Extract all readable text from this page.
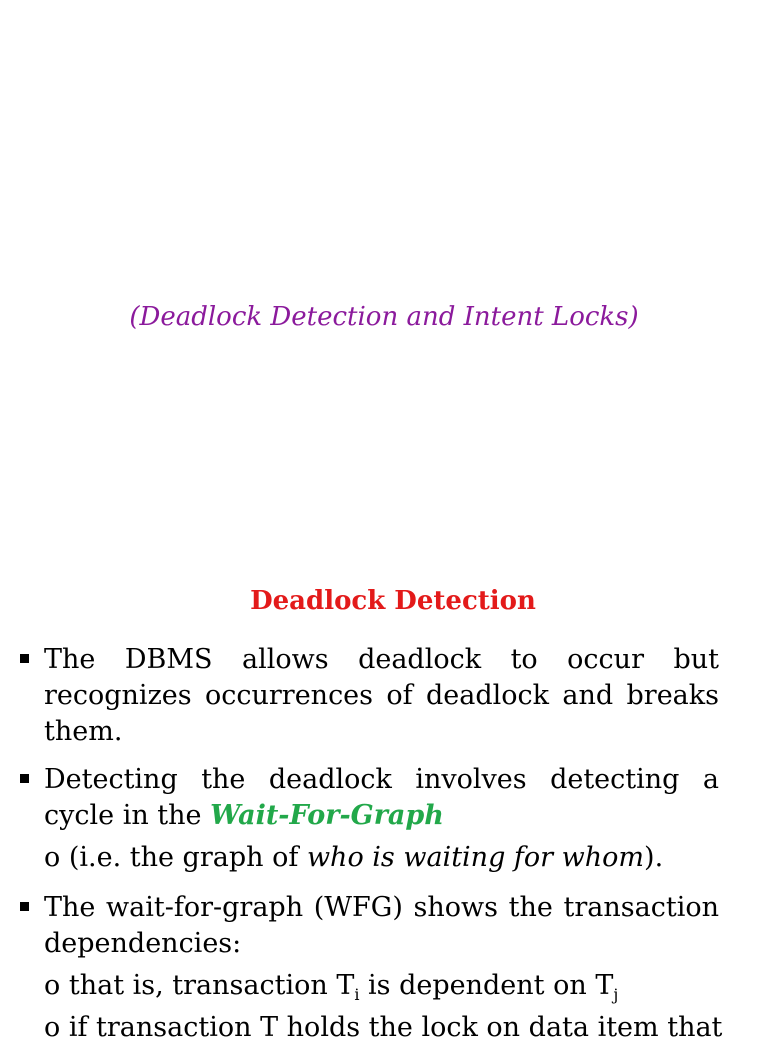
(Deadlock Detection and Intent Locks)
Deadlock Detection
The DBMS allows deadlock to occur but recognizes occurrences of deadlock and breaks them.
Detecting the deadlock involves detecting a cycle in the Wait-For-Graph
o (i.e. the graph of who is waiting for whom).
The wait-for-graph (WFG) shows the transaction dependencies:
o that is, transaction $T_i$ is dependent on $T_j$
o if transaction T holds the lock on data item that
